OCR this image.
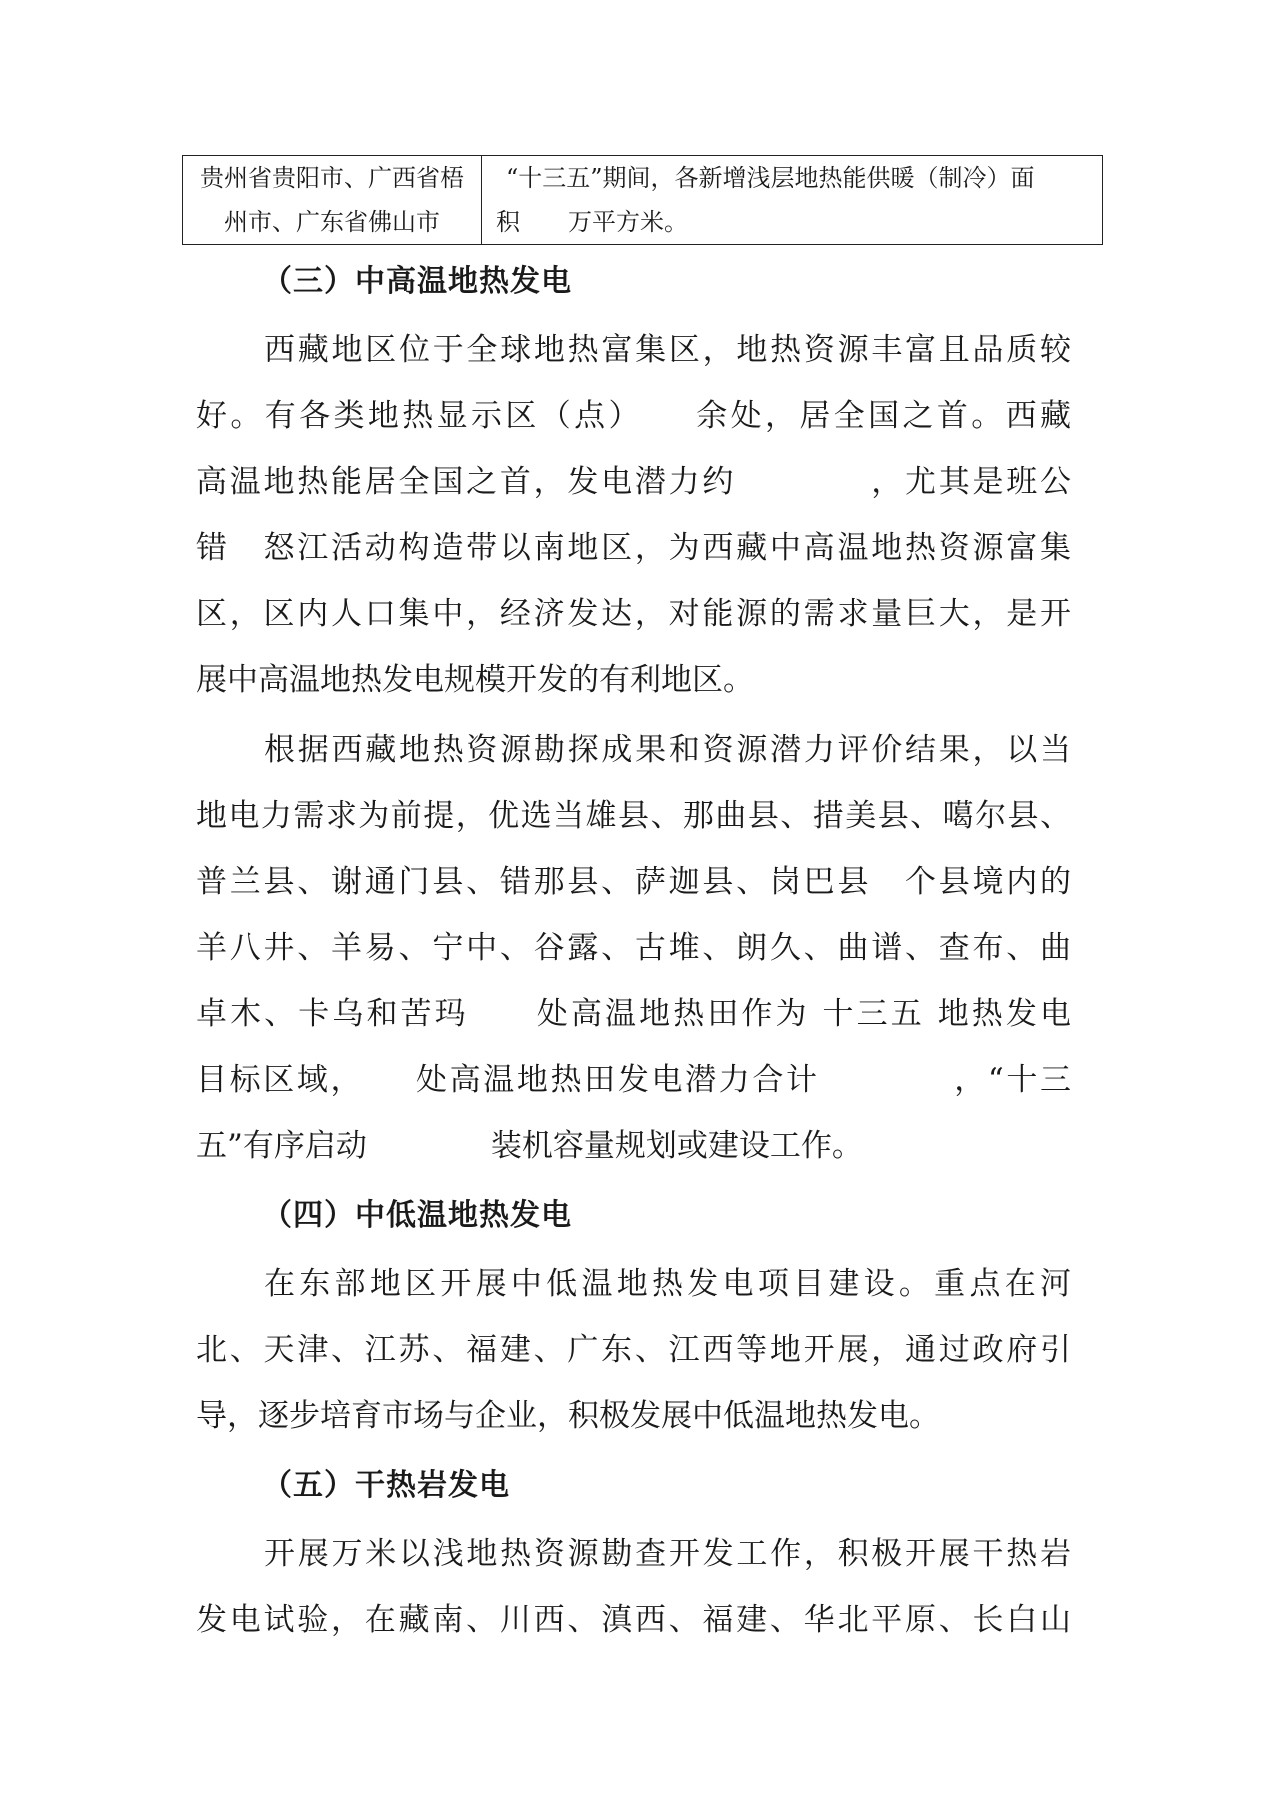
贵州省贵阳市、广西省梧
州市、广东省佛山市
“十三五”期间，各新增浅层地热能供暖（制冷）面
积　　万平方米。
（三）中高温地热发电
西藏地区位于全球地热富集区，地热资源丰富且品质较
好。有各类地热显示区（点）　　余处，居全国之首。西藏
高温地热能居全国之首，发电潜力约　　　　，尤其是班公
错　怒江活动构造带以南地区，为西藏中高温地热资源富集
区，区内人口集中，经济发达，对能源的需求量巨大，是开
展中高温地热发电规模开发的有利地区。
根据西藏地热资源勘探成果和资源潜力评价结果，以当
地电力需求为前提，优选当雄县、那曲县、措美县、噶尔县、
普兰县、谢通门县、错那县、萨迦县、岗巴县　个县境内的
羊八井、羊易、宁中、谷露、古堆、朗久、曲谱、查布、曲
卓木、卡乌和苦玛　　处高温地热田作为 十三五 地热发电
目标区域，　　处高温地热田发电潜力合计　　　　，“十三
五”有序启动　　　　装机容量规划或建设工作。
（四）中低温地热发电
在东部地区开展中低温地热发电项目建设。重点在河
北、天津、江苏、福建、广东、江西等地开展，通过政府引
导，逐步培育市场与企业，积极发展中低温地热发电。
（五）干热岩发电
开展万米以浅地热资源勘查开发工作，积极开展干热岩
发电试验，在藏南、川西、滇西、福建、华北平原、长白山
